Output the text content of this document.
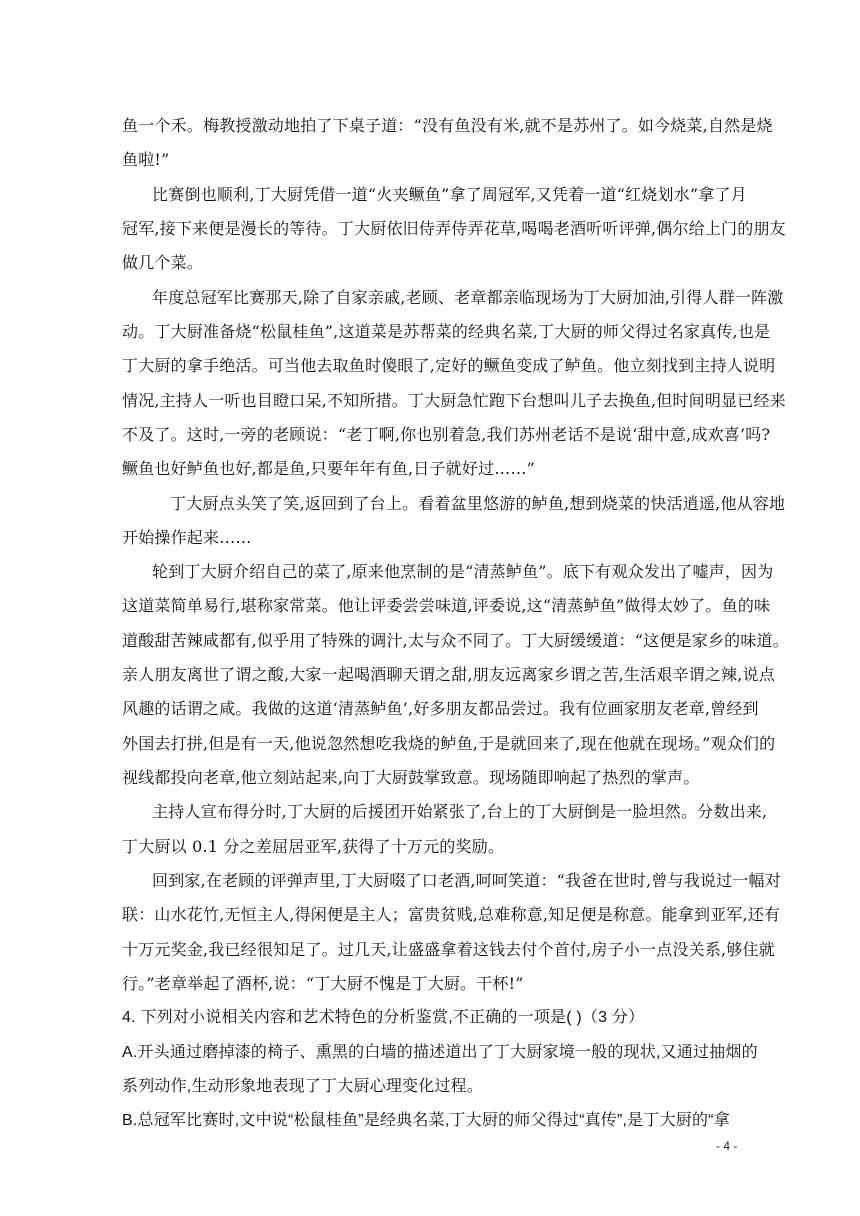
鱼一个禾。梅教授激动地拍了下桌子道：“没有鱼没有米,就不是苏州了。如今烧菜,自然是烧
鱼啦!”
比赛倒也顺利,丁大厨凭借一道“火夹鳜鱼”拿了周冠军,又凭着一道“红烧划水”拿了月
冠军,接下来便是漫长的等待。丁大厨依旧侍弄侍弄花草,喝喝老酒听听评弹,偶尔给上门的朋友
做几个菜。
年度总冠军比赛那天,除了自家亲戚,老顾、老章都亲临现场为丁大厨加油,引得人群一阵激
动。丁大厨准备烧“松鼠桂鱼”,这道菜是苏帮菜的经典名菜,丁大厨的师父得过名家真传,也是
丁大厨的拿手绝活。可当他去取鱼时傻眼了,定好的鳜鱼变成了鲈鱼。他立刻找到主持人说明
情况,主持人一听也目瞪口呆,不知所措。丁大厨急忙跑下台想叫儿子去换鱼,但时间明显已经来
不及了。这时,一旁的老顾说：“老丁啊,你也别着急,我们苏州老话不是说‘甜中意,成欢喜’吗?
鳜鱼也好鲈鱼也好,都是鱼,只要年年有鱼,日子就好过……”
丁大厨点头笑了笑,返回到了台上。看着盆里悠游的鲈鱼,想到烧菜的快活逍遥,他从容地
开始操作起来……
轮到丁大厨介绍自己的菜了,原来他烹制的是“清蒸鲈鱼”。底下有观众发出了嘘声，因为
这道菜简单易行,堪称家常菜。他让评委尝尝味道,评委说,这“清蒸鲈鱼”做得太妙了。鱼的味
道酸甜苦辣咸都有,似乎用了特殊的调汁,太与众不同了。丁大厨缓缓道：“这便是家乡的味道。
亲人朋友离世了谓之酸,大家一起喝酒聊天谓之甜,朋友远离家乡谓之苦,生活艰辛谓之辣,说点
风趣的话谓之咸。我做的这道‘清蒸鲈鱼’,好多朋友都品尝过。我有位画家朋友老章,曾经到
外国去打拼,但是有一天,他说忽然想吃我烧的鲈鱼,于是就回来了,现在他就在现场。”观众们的
视线都投向老章,他立刻站起来,向丁大厨鼓掌致意。现场随即响起了热烈的掌声。
主持人宣布得分时,丁大厨的后援团开始紧张了,台上的丁大厨倒是一脸坦然。分数出来,
丁大厨以 0.1 分之差屈居亚军,获得了十万元的奖励。
回到家,在老顾的评弹声里,丁大厨啜了口老酒,呵呵笑道：“我爸在世时,曾与我说过一幅对
联：山水花竹,无恒主人,得闲便是主人；富贵贫贱,总难称意,知足便是称意。能拿到亚军,还有
十万元奖金,我已经很知足了。过几天,让盛盛拿着这钱去付个首付,房子小一点没关系,够住就
行。”老章举起了酒杯,说：“丁大厨不愧是丁大厨。干杯!”
4. 下列对小说相关内容和艺术特色的分析鉴赏,不正确的一项是( )（3 分）
A.开头通过磨掉漆的椅子、熏黑的白墙的描述道出了丁大厨家境一般的现状,又通过抽烟的
系列动作,生动形象地表现了丁大厨心理变化过程。
B.总冠军比赛时,文中说“松鼠桂鱼”是经典名菜,丁大厨的师父得过“真传”,是丁大厨的“拿
- 4 -
